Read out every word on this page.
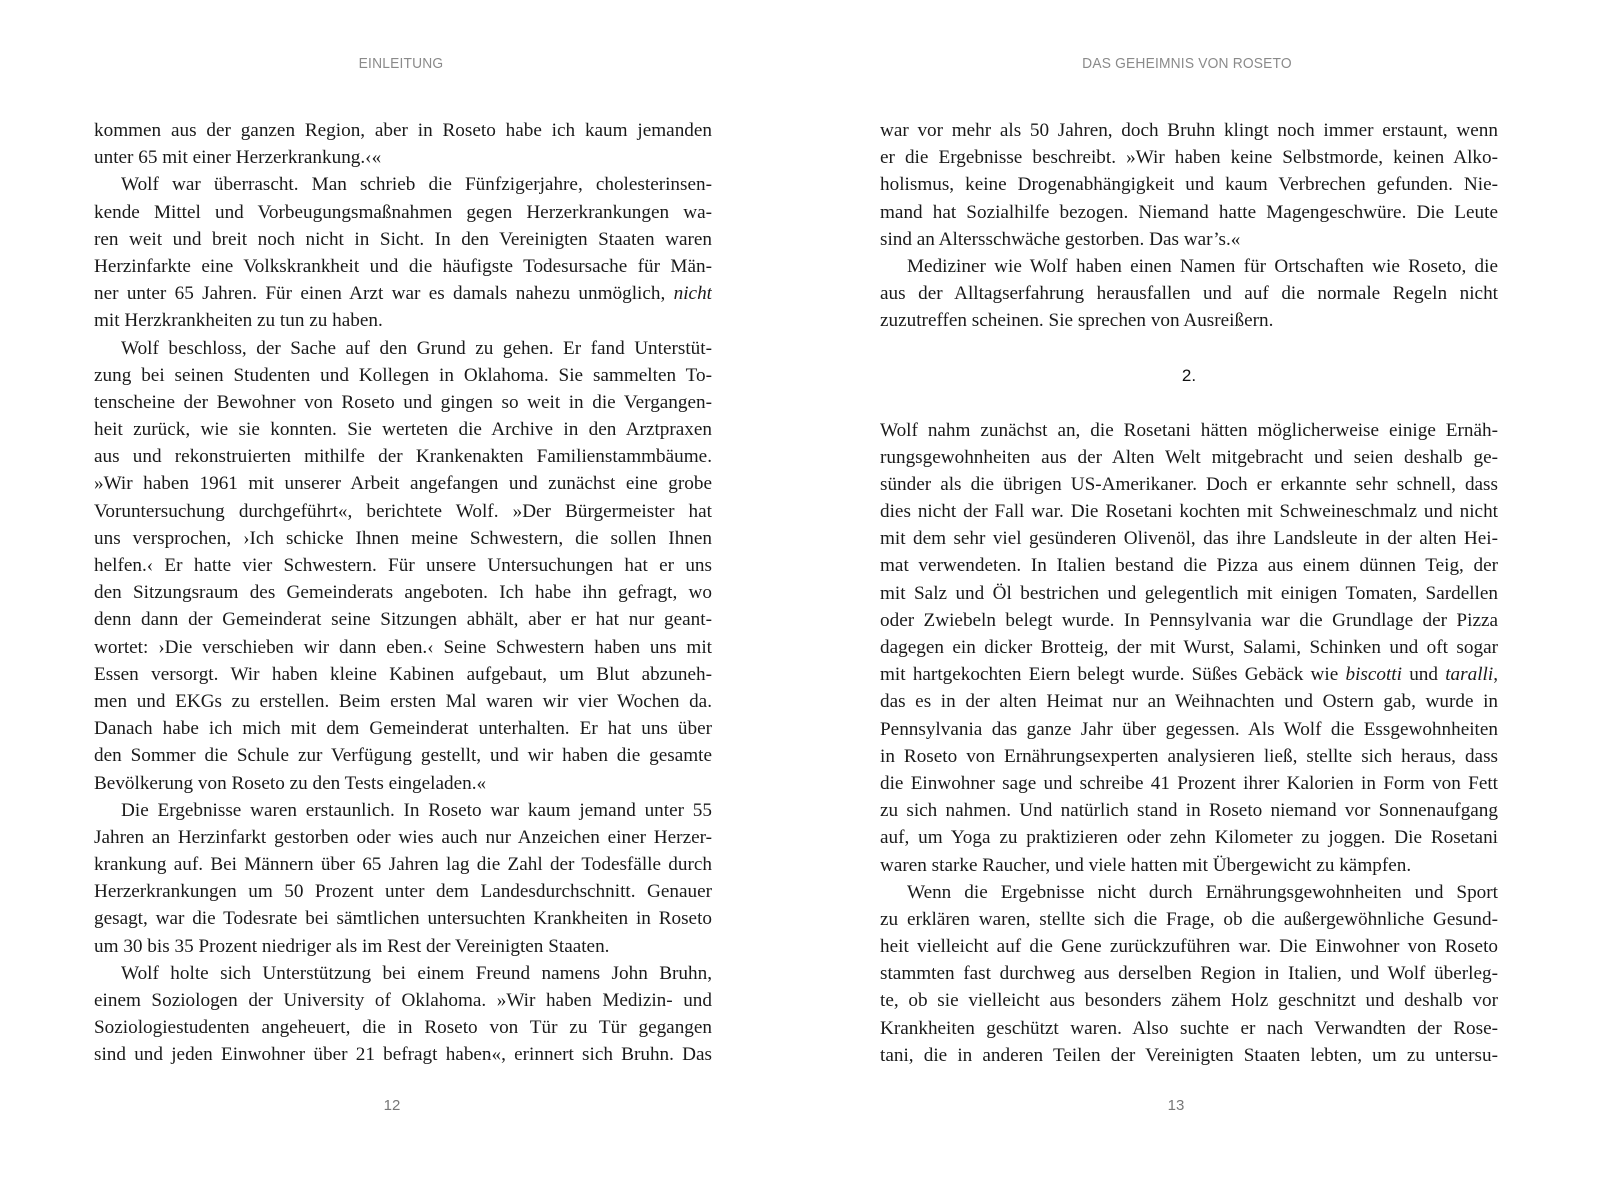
EINLEITUNG
kommen aus der ganzen Region, aber in Roseto habe ich kaum jemanden
unter 65 mit einer Herzerkrankung.‹«
Wolf war überrascht. Man schrieb die Fünfzigerjahre, cholesterinsen-
kende Mittel und Vorbeugungsmaßnahmen gegen Herzerkrankungen wa-
ren weit und breit noch nicht in Sicht. In den Vereinigten Staaten waren
Herzinfarkte eine Volkskrankheit und die häufigste Todesursache für Män-
ner unter 65 Jahren. Für einen Arzt war es damals nahezu unmöglich, nicht
mit Herzkrankheiten zu tun zu haben.
Wolf beschloss, der Sache auf den Grund zu gehen. Er fand Unterstüt-
zung bei seinen Studenten und Kollegen in Oklahoma. Sie sammelten To-
tenscheine der Bewohner von Roseto und gingen so weit in die Vergangen-
heit zurück, wie sie konnten. Sie werteten die Archive in den Arztpraxen
aus und rekonstruierten mithilfe der Krankenakten Familienstammbäume.
»Wir haben 1961 mit unserer Arbeit angefangen und zunächst eine grobe
Voruntersuchung durchgeführt«, berichtete Wolf. »Der Bürgermeister hat
uns versprochen, ›Ich schicke Ihnen meine Schwestern, die sollen Ihnen
helfen.‹ Er hatte vier Schwestern. Für unsere Untersuchungen hat er uns
den Sitzungsraum des Gemeinderats angeboten. Ich habe ihn gefragt, wo
denn dann der Gemeinderat seine Sitzungen abhält, aber er hat nur geant-
wortet: ›Die verschieben wir dann eben.‹ Seine Schwestern haben uns mit
Essen versorgt. Wir haben kleine Kabinen aufgebaut, um Blut abzuneh-
men und EKGs zu erstellen. Beim ersten Mal waren wir vier Wochen da.
Danach habe ich mich mit dem Gemeinderat unterhalten. Er hat uns über
den Sommer die Schule zur Verfügung gestellt, und wir haben die gesamte
Bevölkerung von Roseto zu den Tests eingeladen.«
Die Ergebnisse waren erstaunlich. In Roseto war kaum jemand unter 55
Jahren an Herzinfarkt gestorben oder wies auch nur Anzeichen einer Herzer-
krankung auf. Bei Männern über 65 Jahren lag die Zahl der Todesfälle durch
Herzerkrankungen um 50 Prozent unter dem Landesdurchschnitt. Genauer
gesagt, war die Todesrate bei sämtlichen untersuchten Krankheiten in Roseto
um 30 bis 35 Prozent niedriger als im Rest der Vereinigten Staaten.
Wolf holte sich Unterstützung bei einem Freund namens John Bruhn,
einem Soziologen der University of Oklahoma. »Wir haben Medizin- und
Soziologiestudenten angeheuert, die in Roseto von Tür zu Tür gegangen
sind und jeden Einwohner über 21 befragt haben«, erinnert sich Bruhn. Das
12
DAS GEHEIMNIS VON ROSETO
war vor mehr als 50 Jahren, doch Bruhn klingt noch immer erstaunt, wenn
er die Ergebnisse beschreibt. »Wir haben keine Selbstmorde, keinen Alko-
holismus, keine Drogenabhängigkeit und kaum Verbrechen gefunden. Nie-
mand hat Sozialhilfe bezogen. Niemand hatte Magengeschwüre. Die Leute
sind an Altersschwäche gestorben. Das war’s.«
Mediziner wie Wolf haben einen Namen für Ortschaften wie Roseto, die
aus der Alltagserfahrung herausfallen und auf die normale Regeln nicht
zuzutreffen scheinen. Sie sprechen von Ausreißern.
2.
Wolf nahm zunächst an, die Rosetani hätten möglicherweise einige Ernäh-
rungsgewohnheiten aus der Alten Welt mitgebracht und seien deshalb ge-
sünder als die übrigen US-Amerikaner. Doch er erkannte sehr schnell, dass
dies nicht der Fall war. Die Rosetani kochten mit Schweineschmalz und nicht
mit dem sehr viel gesünderen Olivenöl, das ihre Landsleute in der alten Hei-
mat verwendeten. In Italien bestand die Pizza aus einem dünnen Teig, der
mit Salz und Öl bestrichen und gelegentlich mit einigen Tomaten, Sardellen
oder Zwiebeln belegt wurde. In Pennsylvania war die Grundlage der Pizza
dagegen ein dicker Brotteig, der mit Wurst, Salami, Schinken und oft sogar
mit hartgekochten Eiern belegt wurde. Süßes Gebäck wie biscotti und taralli,
das es in der alten Heimat nur an Weihnachten und Ostern gab, wurde in
Pennsylvania das ganze Jahr über gegessen. Als Wolf die Essgewohnheiten
in Roseto von Ernährungsexperten analysieren ließ, stellte sich heraus, dass
die Einwohner sage und schreibe 41 Prozent ihrer Kalorien in Form von Fett
zu sich nahmen. Und natürlich stand in Roseto niemand vor Sonnenaufgang
auf, um Yoga zu praktizieren oder zehn Kilometer zu joggen. Die Rosetani
waren starke Raucher, und viele hatten mit Übergewicht zu kämpfen.
Wenn die Ergebnisse nicht durch Ernährungsgewohnheiten und Sport
zu erklären waren, stellte sich die Frage, ob die außergewöhnliche Gesund-
heit vielleicht auf die Gene zurückzuführen war. Die Einwohner von Roseto
stammten fast durchweg aus derselben Region in Italien, und Wolf überleg-
te, ob sie vielleicht aus besonders zähem Holz geschnitzt und deshalb vor
Krankheiten geschützt waren. Also suchte er nach Verwandten der Rose-
tani, die in anderen Teilen der Vereinigten Staaten lebten, um zu untersu-
13
